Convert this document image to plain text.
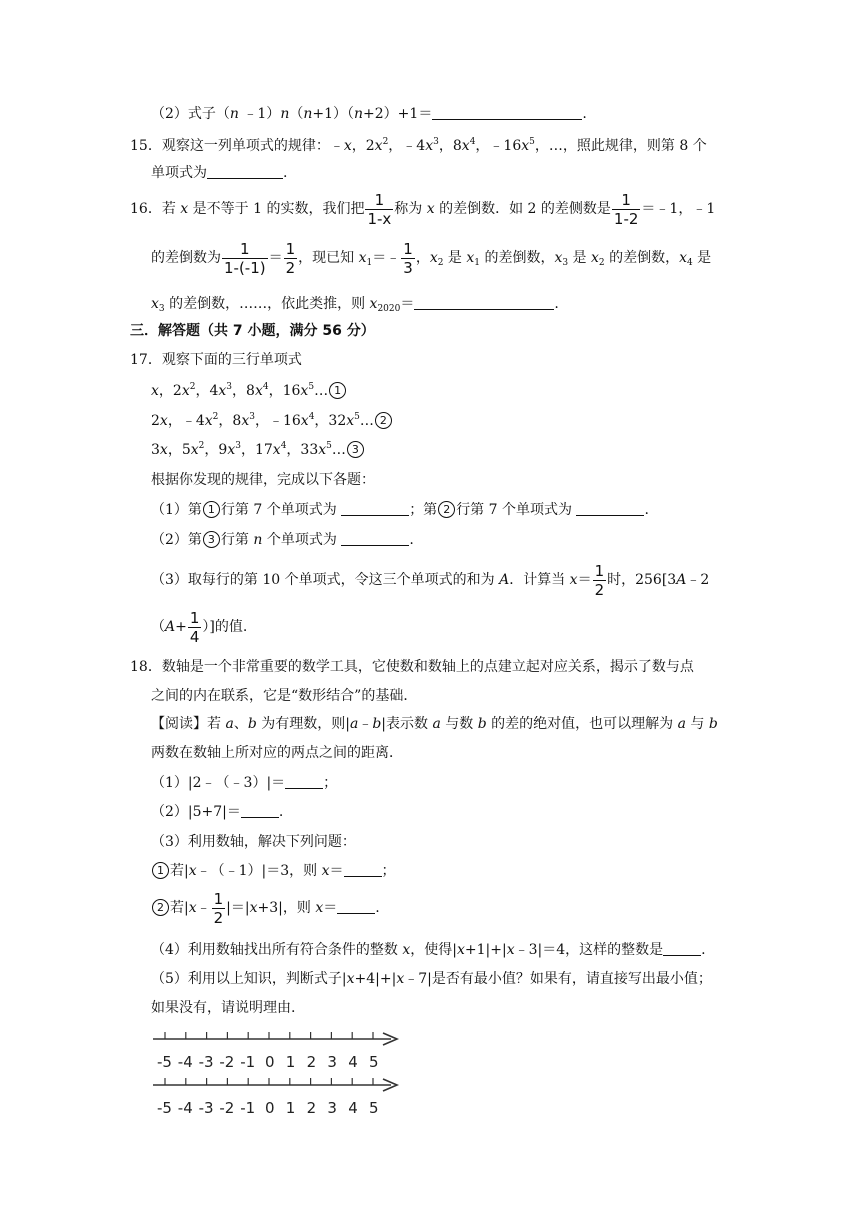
（2）式子（n ﹣1）n（n+1）（n+2）+1＝	.
15．观察这一列单项式的规律：﹣x，$2x^2$，$﹣4x^3$，$8x^4$，$﹣16x^5$，…，照此规律，则第 8 个
单项式为	.
16．若 x 是不等于 1 的实数，我们把 $\frac{1}{1-x}$ 称为 x 的差倒数．如 2 的差侧数是 $\frac{1}{1-2}$ ＝﹣1，﹣1
的差倒数为 $\frac{1}{1-(-1)} = \frac{1}{2}$ ，现已知 $x_1=﹣ \frac{1}{3}$ ，$x_2$ 是 $x_1$ 的差倒数，$x_3$ 是 $x_2$ 的差倒数，$x_4$ 是
$x_3$ 的差倒数，……，依此类推，则 $x_{2020}=$	.
三．解答题（共 7 小题，满分 56 分）
17．观察下面的三行单项式
x，$2x^2$，$4x^3$，$8x^4$，$16x^5\dots$ 1
2x，$﹣4x^2$，$8x^3$，$﹣16x^4$，$32x^5\dots$ 2
3x，$5x^2$，$9x^3$，$17x^4$，$33x^5\dots$ 3
根据你发现的规律，完成以下各题：
（1）第 1 行第 7 个单项式为	；第 2 行第 7 个单项式为	.
（2）第 3 行第 n 个单项式为	.
（3）取每行的第 10 个单项式，令这三个单项式的和为 A．计算当 $x= \frac{1}{2}$ 时，256[3A﹣2
（$A+ \frac{1}{4}$ ）]的值.
18．数轴是一个非常重要的数学工具，它使数和数轴上的点建立起对应关系，揭示了数与点
之间的内在联系，它是“数形结合”的基础．
【阅读】若 a、b 为有理数，则|a﹣b|表示数 a 与数 b 的差的绝对值，也可以理解为 a 与 b
两数在数轴上所对应的两点之间的距离．
（1）|2﹣（﹣3）|＝	；
（2）|5+7|＝	.
（3）利用数轴，解决下列问题：
1 若|x﹣（﹣1）|＝3，则 x＝	；
2 若|x﹣ $\frac{1}{2} |=|x+3|$，则 x＝	.
（4）利用数轴找出所有符合条件的整数 x，使得|x+1|+|x﹣3|＝4，这样的整数是	.
（5）利用以上知识，判断式子|x+4|+|x﹣7|是否有最小值？如果有，请直接写出最小值；
如果没有，请说明理由.
-5 -4 -3 -2 -1 0 1 2 3 4 5
-5 -4 -3 -2 -1 0 1 2 3 4 5
